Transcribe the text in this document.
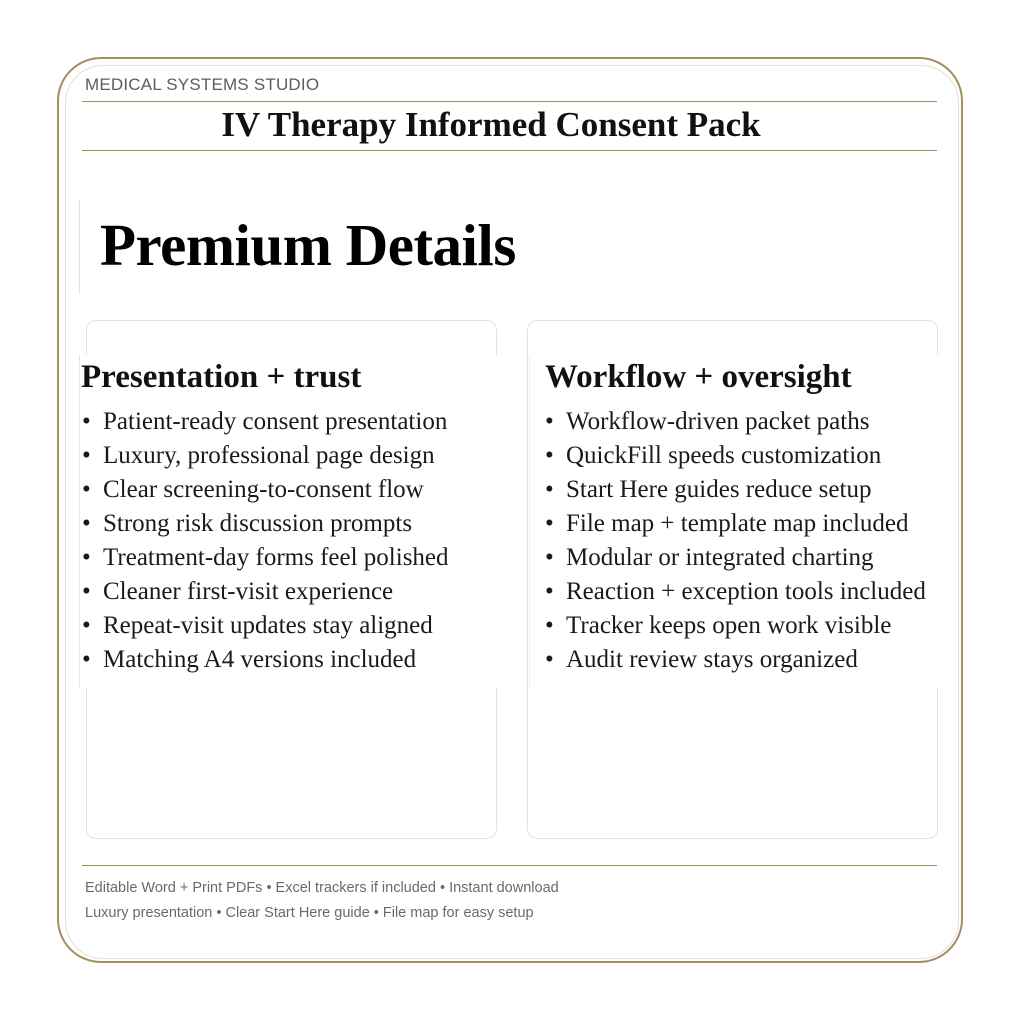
MEDICAL SYSTEMS STUDIO
IV Therapy Informed Consent Pack
Premium Details
Presentation + trust
• Patient-ready consent presentation
• Luxury, professional page design
• Clear screening-to-consent flow
• Strong risk discussion prompts
• Treatment-day forms feel polished
• Cleaner first-visit experience
• Repeat-visit updates stay aligned
• Matching A4 versions included
Workflow + oversight
• Workflow-driven packet paths
• QuickFill speeds customization
• Start Here guides reduce setup
• File map + template map included
• Modular or integrated charting
• Reaction + exception tools included
• Tracker keeps open work visible
• Audit review stays organized
Editable Word + Print PDFs • Excel trackers if included • Instant download
Luxury presentation • Clear Start Here guide • File map for easy setup
